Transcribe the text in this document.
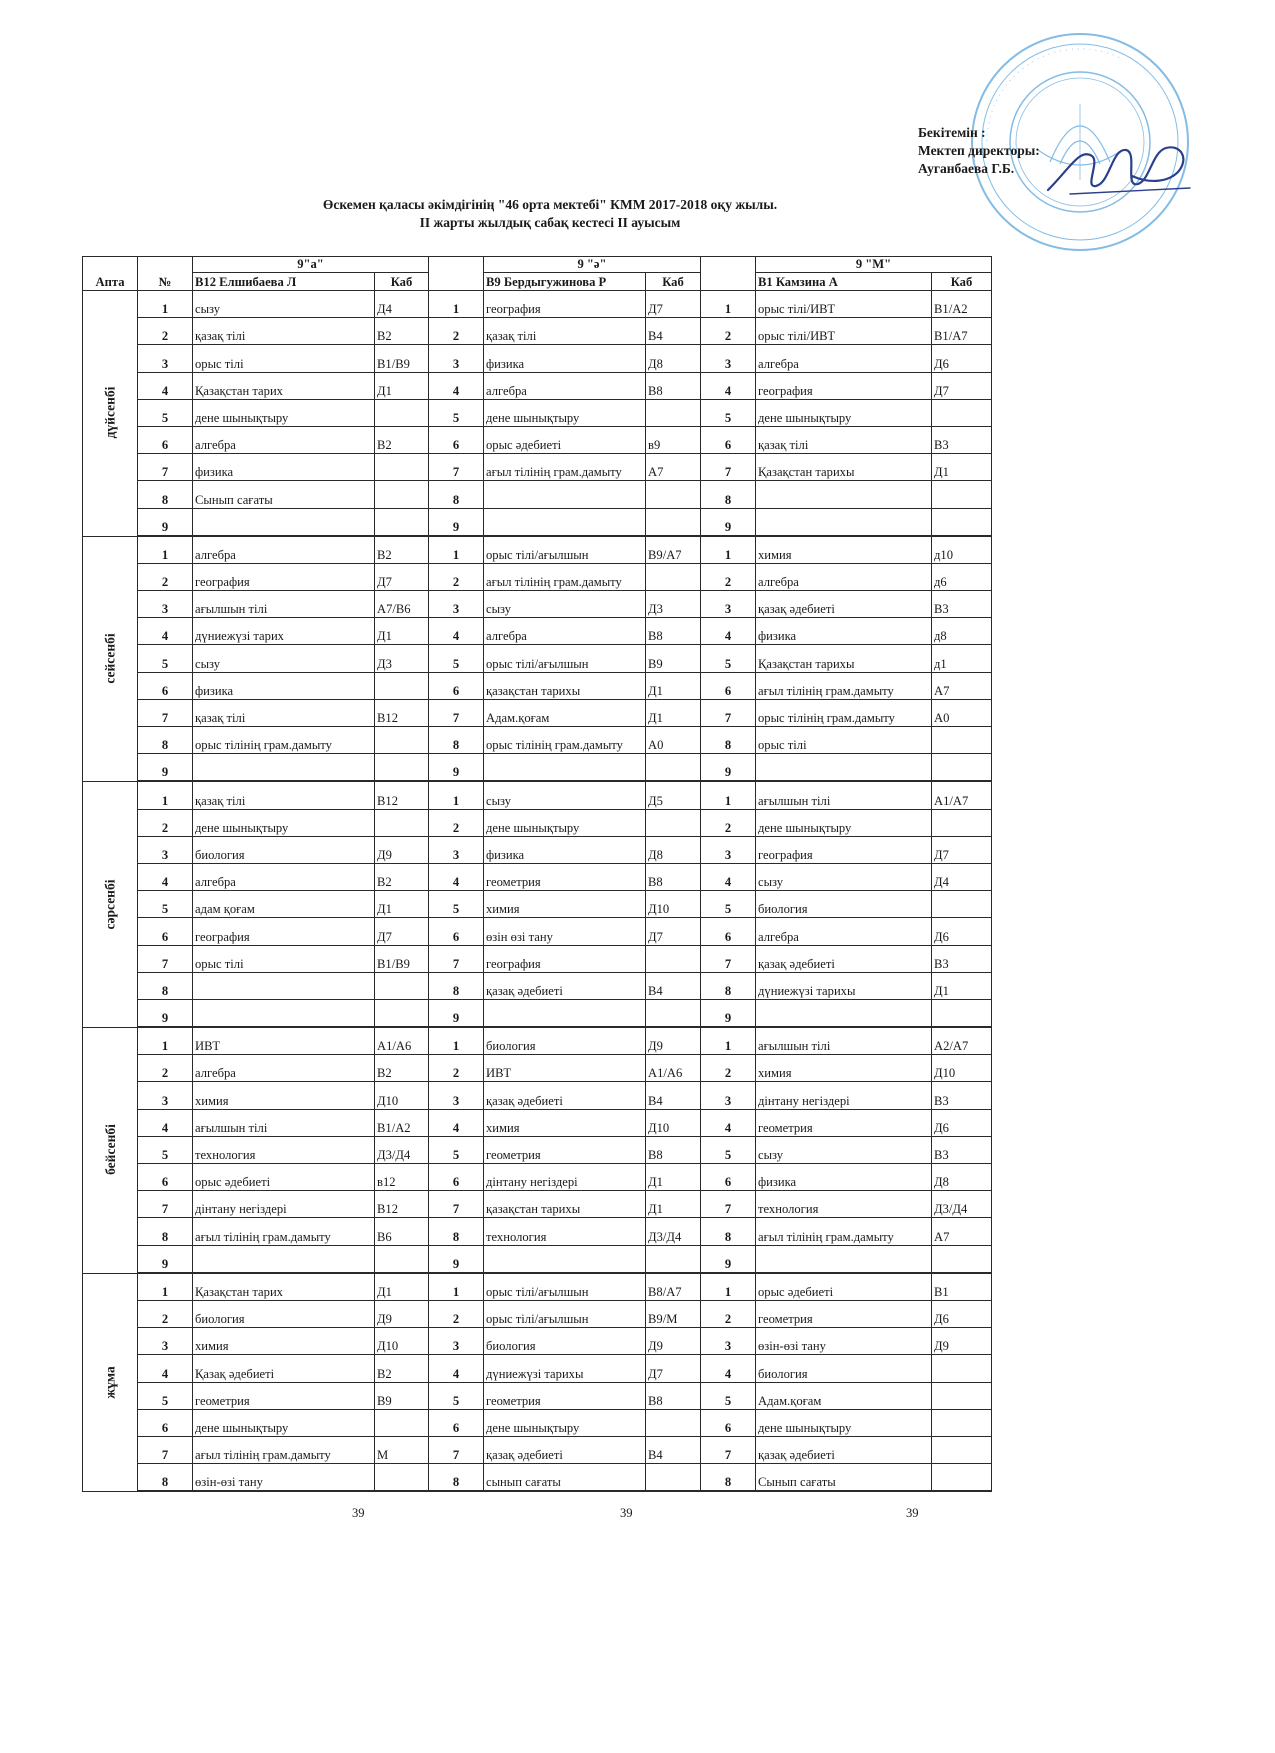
· · · · · · · · · · · · · · · · · · · · · · · · · · · · · · · ·
Бекітемін :
Мектеп директоры:
Ауганбаева Г.Б.
Өскемен қаласы әкімдігінің "46 орта мектебі" КММ 2017-2018 оқу жылы.
II жарты жылдық сабақ кестесі II ауысым
Апта	№	9"а"			9 "ә"			9 "М"	
		В12 Елшибаева Л	Каб		В9 Бердыгужинова Р	Каб		В1 Камзина А	Каб
дүйсенбі	1	сызу	Д4	1	география	Д7	1	орыс тілі/ИВТ	В1/А2
	2	қазақ тілі	В2	2	қазақ тілі	В4	2	орыс тілі/ИВТ	В1/А7
	3	орыс тілі	В1/В9	3	физика	Д8	3	алгебра	Д6
	4	Қазақстан тарих	Д1	4	алгебра	В8	4	география	Д7
	5	дене шынықтыру		5	дене шынықтыру		5	дене шынықтыру	
	6	алгебра	В2	6	орыс әдебиеті	в9	6	қазақ тілі	В3
	7	физика		7	ағыл тілінің грам.дамыту	А7	7	Қазақстан тарихы	Д1
	8	Сынып сағаты		8			8		
	9			9			9		

сейсенбі	1	алгебра	В2	1	орыс тілі/ағылшын	В9/А7	1	химия	д10
	2	география	Д7	2	ағыл тілінің грам.дамыту		2	алгебра	д6
	3	ағылшын тілі	А7/В6	3	сызу	Д3	3	қазақ әдебиеті	В3
	4	дүниежүзі тарих	Д1	4	алгебра	В8	4	физика	д8
	5	сызу	Д3	5	орыс тілі/ағылшын	В9	5	Қазақстан тарихы	д1
	6	физика		6	қазақстан тарихы	Д1	6	ағыл тілінің грам.дамыту	А7
	7	қазақ тілі	В12	7	Адам.қоғам	Д1	7	орыс тілінің грам.дамыту	А0
	8	орыс тілінің грам.дамыту		8	орыс тілінің грам.дамыту	А0	8	орыс тілі	
	9			9			9		

сәрсенбі	1	қазақ тілі	В12	1	сызу	Д5	1	ағылшын тілі	А1/А7
	2	дене шынықтыру		2	дене шынықтыру		2	дене шынықтыру	
	3	биология	Д9	3	физика	Д8	3	география	Д7
	4	алгебра	В2	4	геометрия	В8	4	сызу	Д4
	5	адам қоғам	Д1	5	химия	Д10	5	биология	
	6	география	Д7	6	өзін өзі тану	Д7	6	алгебра	Д6
	7	орыс тілі	В1/В9	7	география		7	қазақ әдебиеті	В3
	8			8	қазақ әдебиеті	В4	8	дүниежүзі тарихы	Д1
	9			9			9		

бейсенбі	1	ИВТ	А1/А6	1	биология	Д9	1	ағылшын тілі	А2/А7
	2	алгебра	В2	2	ИВТ	А1/А6	2	химия	Д10
	3	химия	Д10	3	қазақ әдебиеті	В4	3	дінтану негіздері	В3
	4	ағылшын тілі	В1/А2	4	химия	Д10	4	геометрия	Д6
	5	технология	Д3/Д4	5	геометрия	В8	5	сызу	В3
	6	орыс әдебиеті	в12	6	дінтану негіздері	Д1	6	физика	Д8
	7	дінтану негіздері	В12	7	қазақстан тарихы	Д1	7	технология	Д3/Д4
	8	ағыл тілінің грам.дамыту	В6	8	технология	Д3/Д4	8	ағыл тілінің грам.дамыту	А7
	9			9			9		

жұма	1	Қазақстан тарих	Д1	1	орыс тілі/ағылшын	В8/А7	1	орыс әдебиеті	В1
	2	биология	Д9	2	орыс тілі/ағылшын	В9/М	2	геометрия	Д6
	3	химия	Д10	3	биология	Д9	3	өзін-өзі тану	Д9
	4	Қазақ әдебиеті	В2	4	дүниежүзі тарихы	Д7	4	биология	
	5	геометрия	В9	5	геометрия	В8	5	Адам.қоғам	
	6	дене шынықтыру		6	дене шынықтыру		6	дене шынықтыру	
	7	ағыл тілінің грам.дамыту	М	7	қазақ әдебиеті	В4	7	қазақ әдебиеті	
	8	өзін-өзі тану		8	сынып сағаты		8	Сынып сағаты	

39	39	39
